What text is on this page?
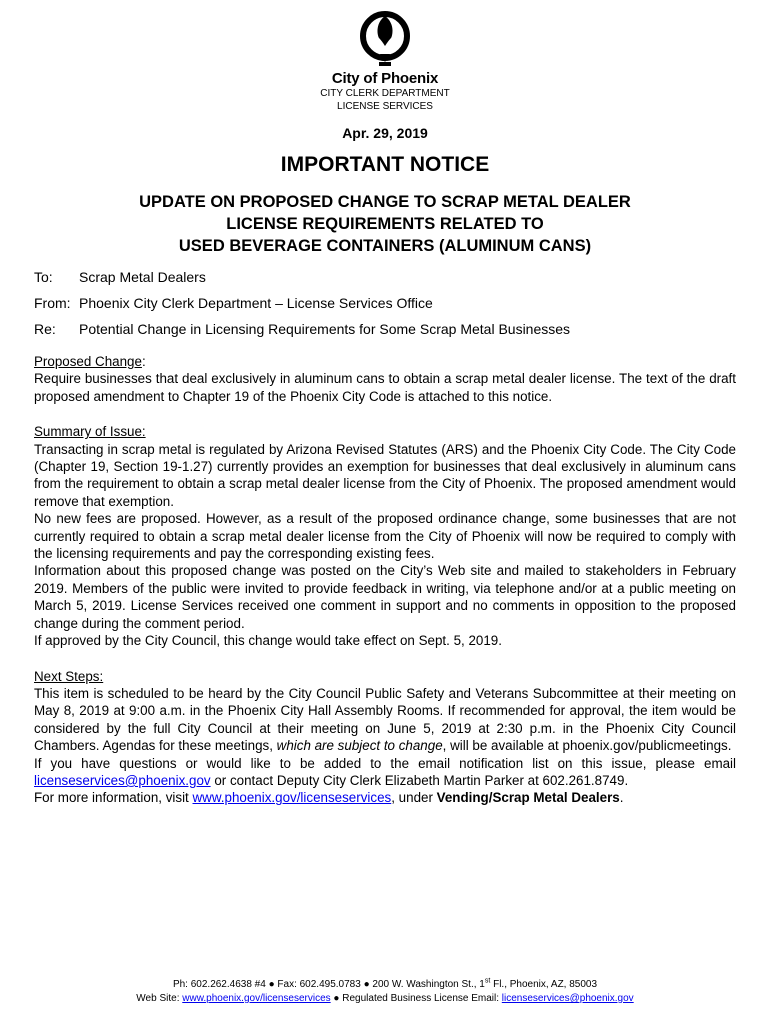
City of Phoenix
CITY CLERK DEPARTMENT
LICENSE SERVICES
Apr. 29, 2019
IMPORTANT NOTICE
UPDATE ON PROPOSED CHANGE TO SCRAP METAL DEALER
LICENSE REQUIREMENTS RELATED TO
USED BEVERAGE CONTAINERS (ALUMINUM CANS)
To:	Scrap Metal Dealers
From: Phoenix City Clerk Department – License Services Office
Re:	Potential Change in Licensing Requirements for Some Scrap Metal Businesses

Proposed Change:

Require businesses that deal exclusively in aluminum cans to obtain a scrap metal dealer license. The text of the draft proposed amendment to Chapter 19 of the Phoenix City Code is attached to this notice.

Summary of Issue:

Transacting in scrap metal is regulated by Arizona Revised Statutes (ARS) and the Phoenix City Code. The City Code (Chapter 19, Section 19-1.27) currently provides an exemption for businesses that deal exclusively in aluminum cans from the requirement to obtain a scrap metal dealer license from the City of Phoenix. The proposed amendment would remove that exemption.

No new fees are proposed. However, as a result of the proposed ordinance change, some businesses that are not currently required to obtain a scrap metal dealer license from the City of Phoenix will now be required to comply with the licensing requirements and pay the corresponding existing fees.

Information about this proposed change was posted on the City’s Web site and mailed to stakeholders in February 2019. Members of the public were invited to provide feedback in writing, via telephone and/or at a public meeting on March 5, 2019. License Services received one comment in support and no comments in opposition to the proposed change during the comment period.

If approved by the City Council, this change would take effect on Sept. 5, 2019.

Next Steps:

This item is scheduled to be heard by the City Council Public Safety and Veterans Subcommittee at their meeting on May 8, 2019 at 9:00 a.m. in the Phoenix City Hall Assembly Rooms. If recommended for approval, the item would be considered by the full City Council at their meeting on June 5, 2019 at 2:30 p.m. in the Phoenix City Council Chambers. Agendas for these meetings, which are subject to change, will be available at phoenix.gov/publicmeetings.

If you have questions or would like to be added to the email notification list on this issue, please email licenseservices@phoenix.gov or contact Deputy City Clerk Elizabeth Martin Parker at 602.261.8749.

For more information, visit www.phoenix.gov/licenseservices, under Vending/Scrap Metal Dealers.

Ph: 602.262.4638 #4 ● Fax: 602.495.0783 ● 200 W. Washington St., 1st Fl., Phoenix, AZ, 85003
Web Site: www.phoenix.gov/licenseservices ● Regulated Business License Email: licenseservices@phoenix.gov
